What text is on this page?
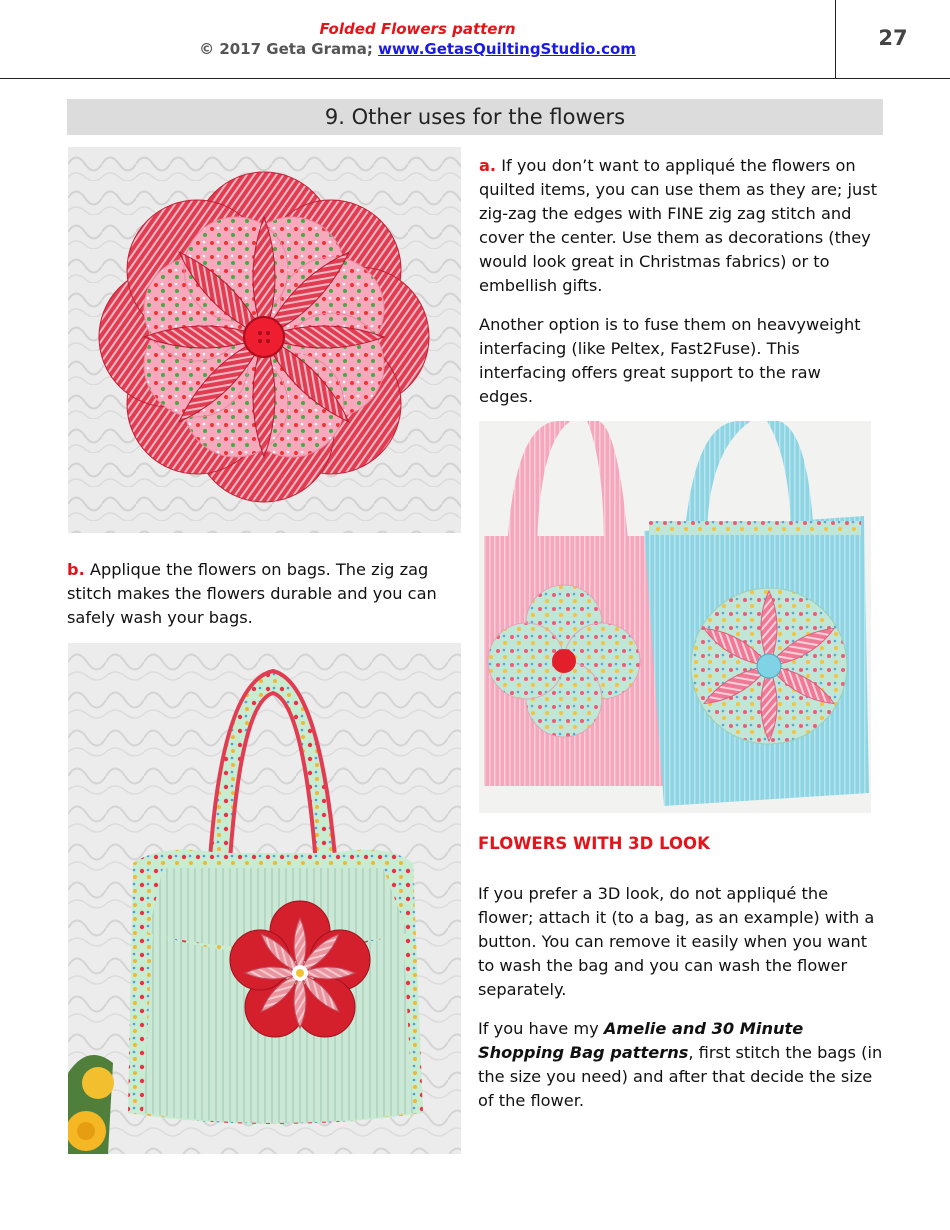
Folded Flowers pattern
© 2017 Geta Grama; www.GetasQuiltingStudio.com	27
9. Other uses for the flowers

a. If you don’t want to appliqué the flowers on quilted items, you can use them as they are; just zig-zag the edges with FINE zig zag stitch and cover the center. Use them as decorations (they would look great in Christmas fabrics) or to embellish gifts.

Another option is to fuse them on heavyweight interfacing (like Peltex, Fast2Fuse). This interfacing offers great support to the raw edges.

b. Applique the flowers on bags. The zig zag stitch makes the flowers durable and you can safely wash your bags.

FLOWERS WITH 3D LOOK

If you prefer a 3D look, do not appliqué the flower; attach it (to a bag, as an example) with a button. You can remove it easily when you want to wash the bag and you can wash the flower separately.

If you have my Amelie and 30 Minute Shopping Bag patterns, first stitch the bags (in the size you need) and after that decide the size of the flower.
